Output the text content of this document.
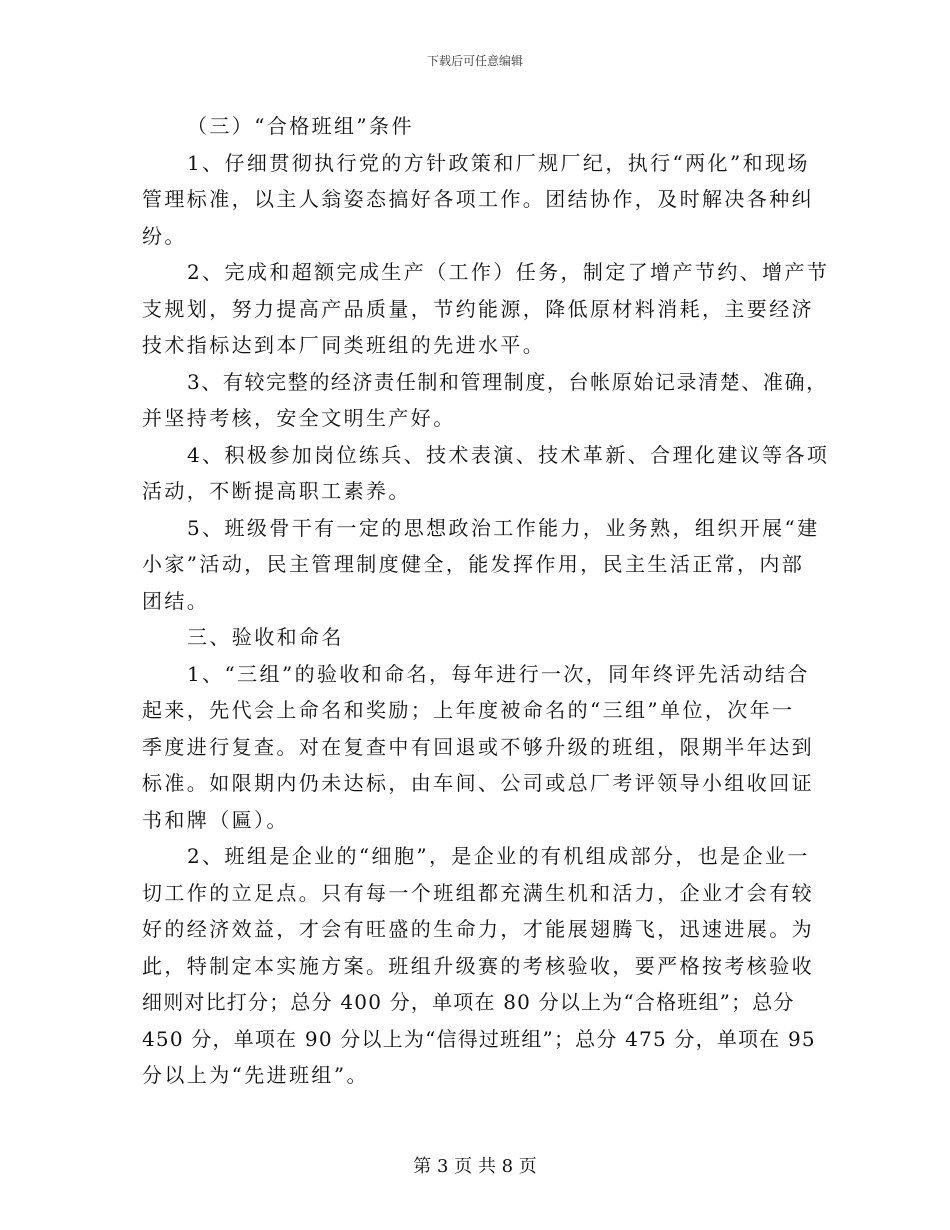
下载后可任意编辑

（三）“合格班组”条件

1、仔细贯彻执行党的方针政策和厂规厂纪，执行“两化”和现场
管理标准，以主人翁姿态搞好各项工作。团结协作，及时解决各种纠
纷。

2、完成和超额完成生产（工作）任务，制定了增产节约、增产节
支规划，努力提高产品质量，节约能源，降低原材料消耗，主要经济
技术指标达到本厂同类班组的先进水平。

3、有较完整的经济责任制和管理制度，台帐原始记录清楚、准确，
并坚持考核，安全文明生产好。

4、积极参加岗位练兵、技术表演、技术革新、合理化建议等各项
活动，不断提高职工素养。

5、班级骨干有一定的思想政治工作能力，业务熟，组织开展“建
小家”活动，民主管理制度健全，能发挥作用，民主生活正常，内部
团结。

三、验收和命名

1、“三组”的验收和命名，每年进行一次，同年终评先活动结合
起来，先代会上命名和奖励；上年度被命名的“三组”单位，次年一
季度进行复查。对在复查中有回退或不够升级的班组，限期半年达到
标准。如限期内仍未达标，由车间、公司或总厂考评领导小组收回证
书和牌（匾）。

2、班组是企业的“细胞”，是企业的有机组成部分，也是企业一
切工作的立足点。只有每一个班组都充满生机和活力，企业才会有较
好的经济效益，才会有旺盛的生命力，才能展翅腾飞，迅速进展。为
此，特制定本实施方案。班组升级赛的考核验收，要严格按考核验收
细则对比打分；总分 400 分，单项在 80 分以上为“合格班组”；总分
450 分，单项在 90 分以上为“信得过班组”；总分 475 分，单项在 95
分以上为“先进班组”。

第 3 页 共 8 页
